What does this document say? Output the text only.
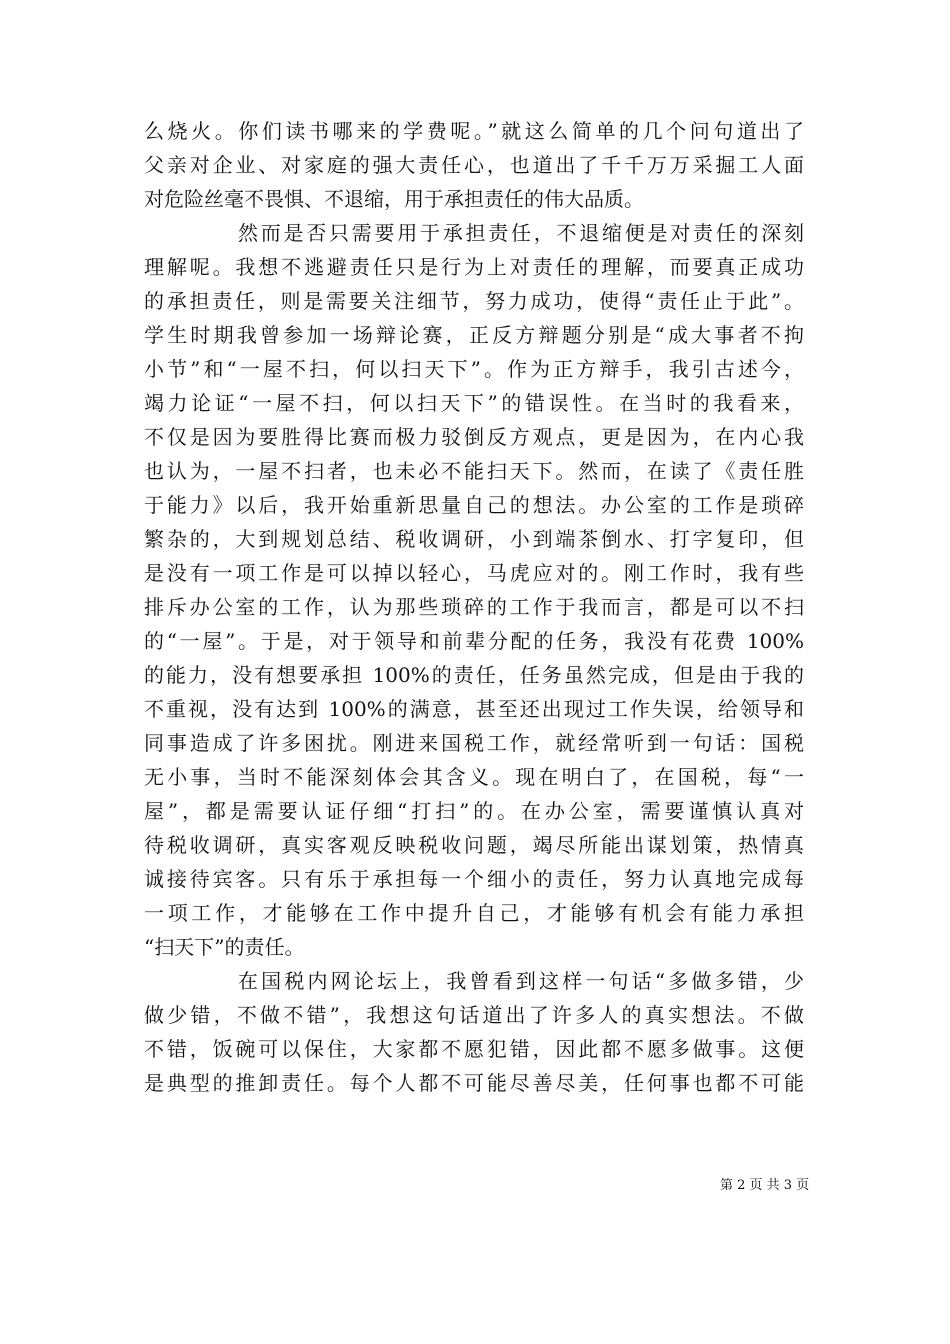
么烧火。你们读书哪来的学费呢。”就这么简单的几个问句道出了
父亲对企业、对家庭的强大责任心，也道出了千千万万采掘工人面
对危险丝毫不畏惧、不退缩，用于承担责任的伟大品质。
然而是否只需要用于承担责任，不退缩便是对责任的深刻
理解呢。我想不逃避责任只是行为上对责任的理解，而要真正成功
的承担责任，则是需要关注细节，努力成功，使得“责任止于此”。
学生时期我曾参加一场辩论赛，正反方辩题分别是“成大事者不拘
小节”和“一屋不扫，何以扫天下”。作为正方辩手，我引古述今，
竭力论证“一屋不扫，何以扫天下”的错误性。在当时的我看来，
不仅是因为要胜得比赛而极力驳倒反方观点，更是因为，在内心我
也认为，一屋不扫者，也未必不能扫天下。然而，在读了《责任胜
于能力》以后，我开始重新思量自己的想法。办公室的工作是琐碎
繁杂的，大到规划总结、税收调研，小到端茶倒水、打字复印，但
是没有一项工作是可以掉以轻心，马虎应对的。刚工作时，我有些
排斥办公室的工作，认为那些琐碎的工作于我而言，都是可以不扫
的“一屋”。于是，对于领导和前辈分配的任务，我没有花费 100%
的能力，没有想要承担 100%的责任，任务虽然完成，但是由于我的
不重视，没有达到 100%的满意，甚至还出现过工作失误，给领导和
同事造成了许多困扰。刚进来国税工作，就经常听到一句话：国税
无小事，当时不能深刻体会其含义。现在明白了，在国税，每“一
屋”，都是需要认证仔细“打扫”的。在办公室，需要谨慎认真对
待税收调研，真实客观反映税收问题，竭尽所能出谋划策，热情真
诚接待宾客。只有乐于承担每一个细小的责任，努力认真地完成每
一项工作，才能够在工作中提升自己，才能够有机会有能力承担
“扫天下”的责任。
在国税内网论坛上，我曾看到这样一句话“多做多错，少
做少错，不做不错”，我想这句话道出了许多人的真实想法。不做
不错，饭碗可以保住，大家都不愿犯错，因此都不愿多做事。这便
是典型的推卸责任。每个人都不可能尽善尽美，任何事也都不可能
第 2 页 共 3 页
